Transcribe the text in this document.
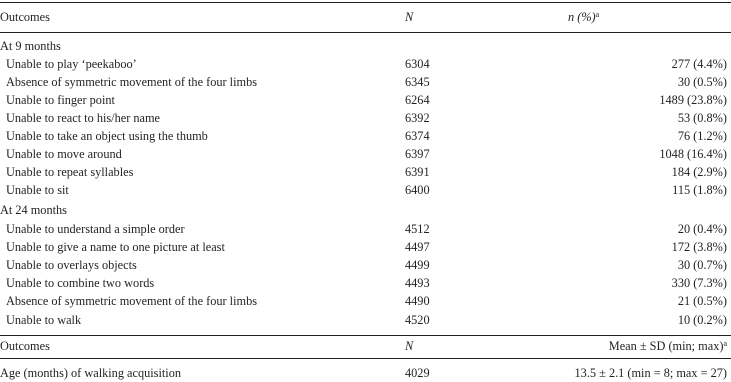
Outcomes	N	n (%)$^a$
At 9 months
Unable to play ‘peekaboo’	6304	277 (4.4%)
Absence of symmetric movement of the four limbs	6345	30 (0.5%)
Unable to finger point	6264	1489 (23.8%)
Unable to react to his/her name	6392	53 (0.8%)
Unable to take an object using the thumb	6374	76 (1.2%)
Unable to move around	6397	1048 (16.4%)
Unable to repeat syllables	6391	184 (2.9%)
Unable to sit	6400	115 (1.8%)
At 24 months
Unable to understand a simple order	4512	20 (0.4%)
Unable to give a name to one picture at least	4497	172 (3.8%)
Unable to overlays objects	4499	30 (0.7%)
Unable to combine two words	4493	330 (7.3%)
Absence of symmetric movement of the four limbs	4490	21 (0.5%)
Unable to walk	4520	10 (0.2%)
Outcomes	N	Mean ± SD (min; max)$^a$
Age (months) of walking acquisition	4029	13.5 ± 2.1 (min = 8; max = 27)
